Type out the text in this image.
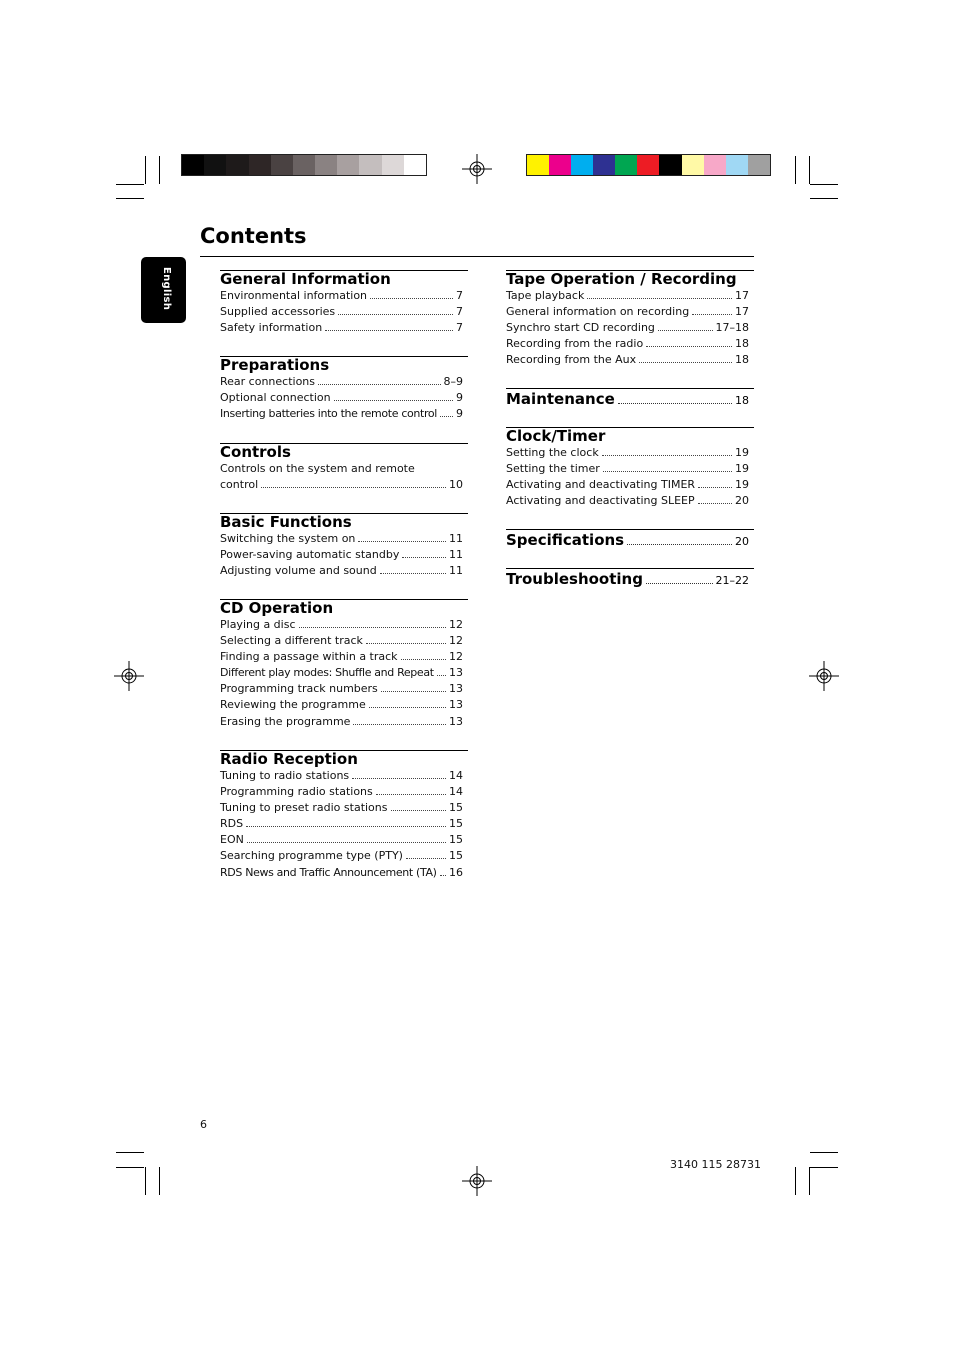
Contents
English	General Information
Environmental information	7
Supplied accessories	7
Safety information	7
Preparations
Rear connections	8–9
Optional connection	9
Inserting batteries into the remote control 9
Controls
Controls on the system and remote
control	10
Basic Functions
Switching the system on	11
Power-saving automatic standby	11
Adjusting volume and sound	11
CD Operation
Playing a disc	12
Selecting a different track	12
Finding a passage within a track	12
Different play modes: Shuffle and Repeat 13
Programming track numbers	13
Reviewing the programme	13
Erasing the programme	13
Radio Reception
Tuning to radio stations	14
Programming radio stations	14
Tuning to preset radio stations	15
RDS	15
EON	15
Searching programme type (PTY)	15
RDS News and Traffic Announcement (TA) 16
Tape Operation / Recording
Tape playback	17
General information on recording	17
Synchro start CD recording	17–18
Recording from the radio	18
Recording from the Aux	18
Maintenance	18
Clock/Timer
Setting the clock	19
Setting the timer	19
Activating and deactivating TIMER	19
Activating and deactivating SLEEP	20
Specifications	20
Troubleshooting	21–22
6
3140 115 28731
